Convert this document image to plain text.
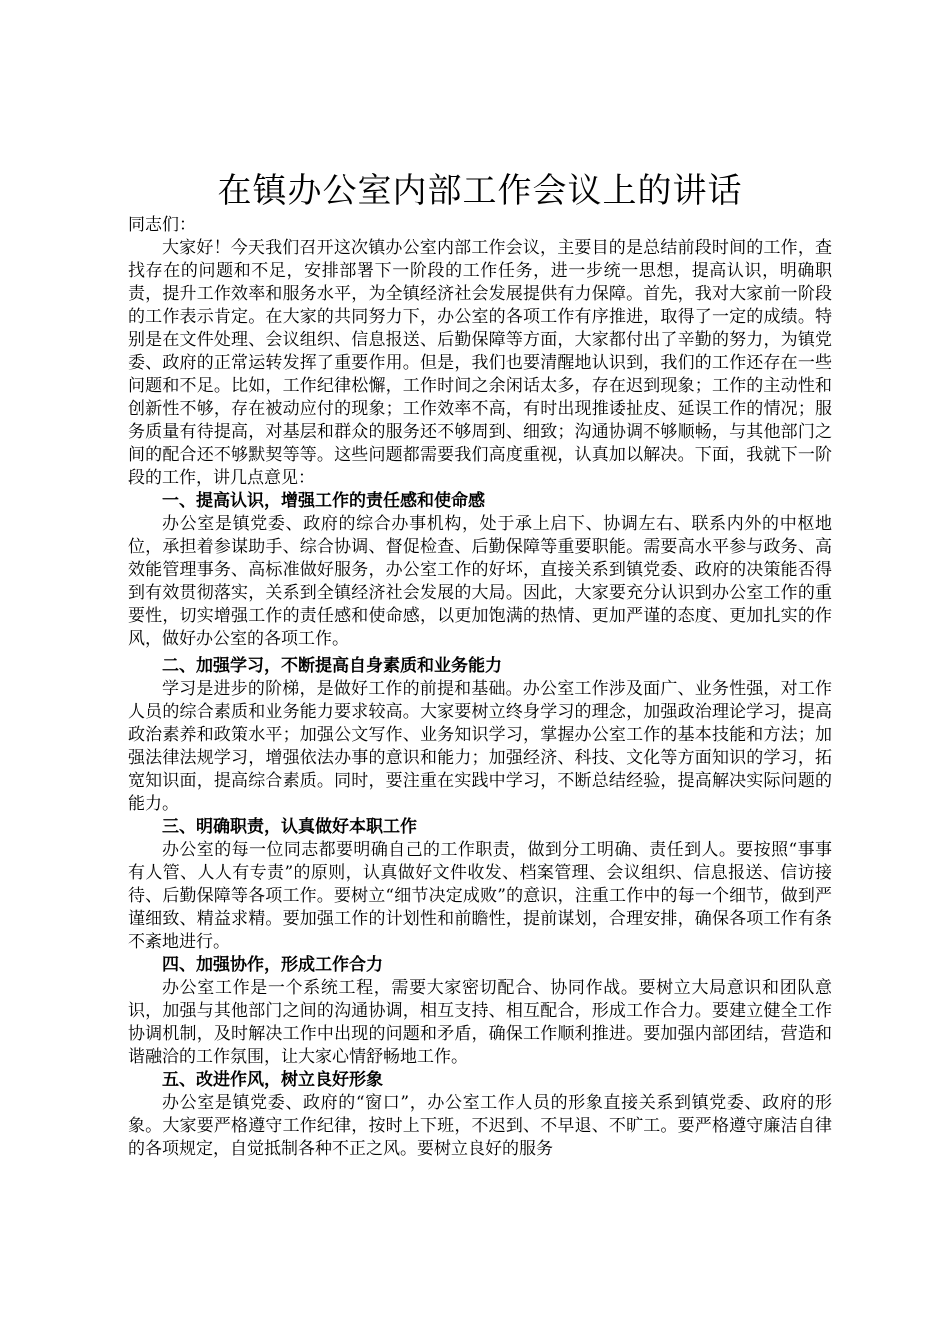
在镇办公室内部工作会议上的讲话

同志们：

大家好！今天我们召开这次镇办公室内部工作会议，主要目的是总结前段时间的工作，查找存在的问题和不足，安排部署下一阶段的工作任务，进一步统一思想，提高认识，明确职责，提升工作效率和服务水平，为全镇经济社会发展提供有力保障。首先，我对大家前一阶段的工作表示肯定。在大家的共同努力下，办公室的各项工作有序推进，取得了一定的成绩。特别是在文件处理、会议组织、信息报送、后勤保障等方面，大家都付出了辛勤的努力，为镇党委、政府的正常运转发挥了重要作用。但是，我们也要清醒地认识到，我们的工作还存在一些问题和不足。比如，工作纪律松懈，工作时间之余闲话太多，存在迟到现象；工作的主动性和创新性不够，存在被动应付的现象；工作效率不高，有时出现推诿扯皮、延误工作的情况；服务质量有待提高，对基层和群众的服务还不够周到、细致；沟通协调不够顺畅，与其他部门之间的配合还不够默契等等。这些问题都需要我们高度重视，认真加以解决。下面，我就下一阶段的工作，讲几点意见：

一、提高认识，增强工作的责任感和使命感

办公室是镇党委、政府的综合办事机构，处于承上启下、协调左右、联系内外的中枢地位，承担着参谋助手、综合协调、督促检查、后勤保障等重要职能。需要高水平参与政务、高效能管理事务、高标准做好服务，办公室工作的好坏，直接关系到镇党委、政府的决策能否得到有效贯彻落实，关系到全镇经济社会发展的大局。因此，大家要充分认识到办公室工作的重要性，切实增强工作的责任感和使命感，以更加饱满的热情、更加严谨的态度、更加扎实的作风，做好办公室的各项工作。

二、加强学习，不断提高自身素质和业务能力

学习是进步的阶梯，是做好工作的前提和基础。办公室工作涉及面广、业务性强，对工作人员的综合素质和业务能力要求较高。大家要树立终身学习的理念，加强政治理论学习，提高政治素养和政策水平；加强公文写作、业务知识学习，掌握办公室工作的基本技能和方法；加强法律法规学习，增强依法办事的意识和能力；加强经济、科技、文化等方面知识的学习，拓宽知识面，提高综合素质。同时，要注重在实践中学习，不断总结经验，提高解决实际问题的能力。

三、明确职责，认真做好本职工作

办公室的每一位同志都要明确自己的工作职责，做到分工明确、责任到人。要按照“事事有人管、人人有专责”的原则，认真做好文件收发、档案管理、会议组织、信息报送、信访接待、后勤保障等各项工作。要树立“细节决定成败”的意识，注重工作中的每一个细节，做到严谨细致、精益求精。要加强工作的计划性和前瞻性，提前谋划，合理安排，确保各项工作有条不紊地进行。

四、加强协作，形成工作合力

办公室工作是一个系统工程，需要大家密切配合、协同作战。要树立大局意识和团队意识，加强与其他部门之间的沟通协调，相互支持、相互配合，形成工作合力。要建立健全工作协调机制，及时解决工作中出现的问题和矛盾，确保工作顺利推进。要加强内部团结，营造和谐融洽的工作氛围，让大家心情舒畅地工作。

五、改进作风，树立良好形象

办公室是镇党委、政府的“窗口”，办公室工作人员的形象直接关系到镇党委、政府的形象。大家要严格遵守工作纪律，按时上下班，不迟到、不早退、不旷工。要严格遵守廉洁自律的各项规定，自觉抵制各种不正之风。要树立良好的服务
